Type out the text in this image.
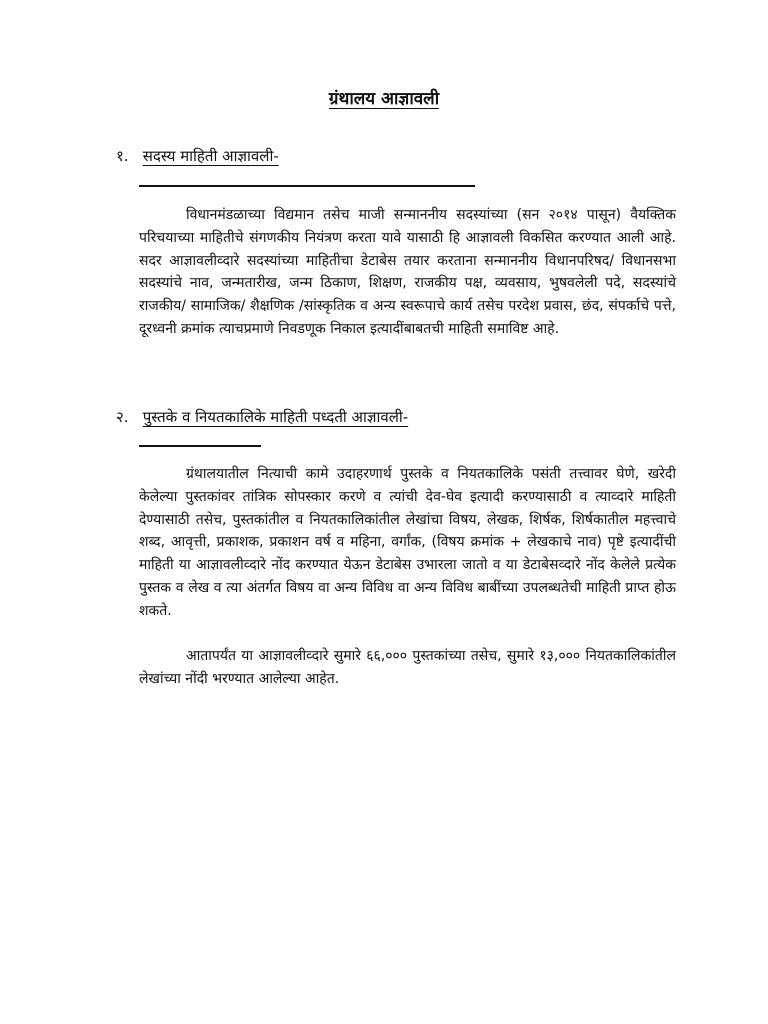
ग्रंथालय आज्ञावली
१. सदस्य माहिती आज्ञावली-

विधानमंडळाच्या विद्यमान तसेच माजी सन्माननीय सदस्यांच्या (सन २०१४ पासून) वैयक्तिक परिचयाच्या माहितीचे संगणकीय नियंत्रण करता यावे यासाठी हि आज्ञावली विकसित करण्यात आली आहे. सदर आज्ञावलीव्दारे सदस्यांच्या माहितीचा डेटाबेस तयार करताना सन्माननीय विधानपरिषद/ विधानसभा सदस्यांचे नाव, जन्मतारीख, जन्म ठिकाण, शिक्षण, राजकीय पक्ष, व्यवसाय, भुषवलेली पदे, सदस्यांचे राजकीय/ सामाजिक/ शैक्षणिक /सांस्कृतिक व अन्य स्वरूपाचे कार्य तसेच परदेश प्रवास, छंद, संपर्काचे पत्ते, दूरध्वनी क्रमांक त्याचप्रमाणे निवडणूक निकाल इत्यादींबाबतची माहिती समाविष्ट आहे.

२. पुस्तके व नियतकालिके माहिती पध्दती आज्ञावली-

ग्रंथालयातील नित्याची कामे उदाहरणार्थ पुस्तके व नियतकालिके पसंती तत्त्वावर घेणे, खरेदी केलेल्या पुस्तकांवर तांत्रिक सोपस्कार करणे व त्यांची देव-घेव इत्यादी करण्यासाठी व त्याव्दारे माहिती देण्यासाठी तसेच, पुस्तकांतील व नियतकालिकांतील लेखांचा विषय, लेखक, शिर्षक, शिर्षकातील महत्त्वाचे शब्द, आवृत्ती, प्रकाशक, प्रकाशन वर्ष व महिना, वर्गांक, (विषय क्रमांक + लेखकाचे नाव) पृष्टे इत्यादींची माहिती या आज्ञावलीव्दारे नोंद करण्यात येऊन डेटाबेस उभारला जातो व या डेटाबेसव्दारे नोंद केलेले प्रत्येक पुस्तक व लेख व त्या अंतर्गत विषय वा अन्य विविध वा अन्य विविध बाबींच्या उपलब्धतेची माहिती प्राप्त होऊ शकते.

आतापर्यंत या आज्ञावलीव्दारे सुमारे ६६,००० पुस्तकांच्या तसेच, सुमारे १३,००० नियतकालिकांतील लेखांच्या नोंदी भरण्यात आलेल्या आहेत.
